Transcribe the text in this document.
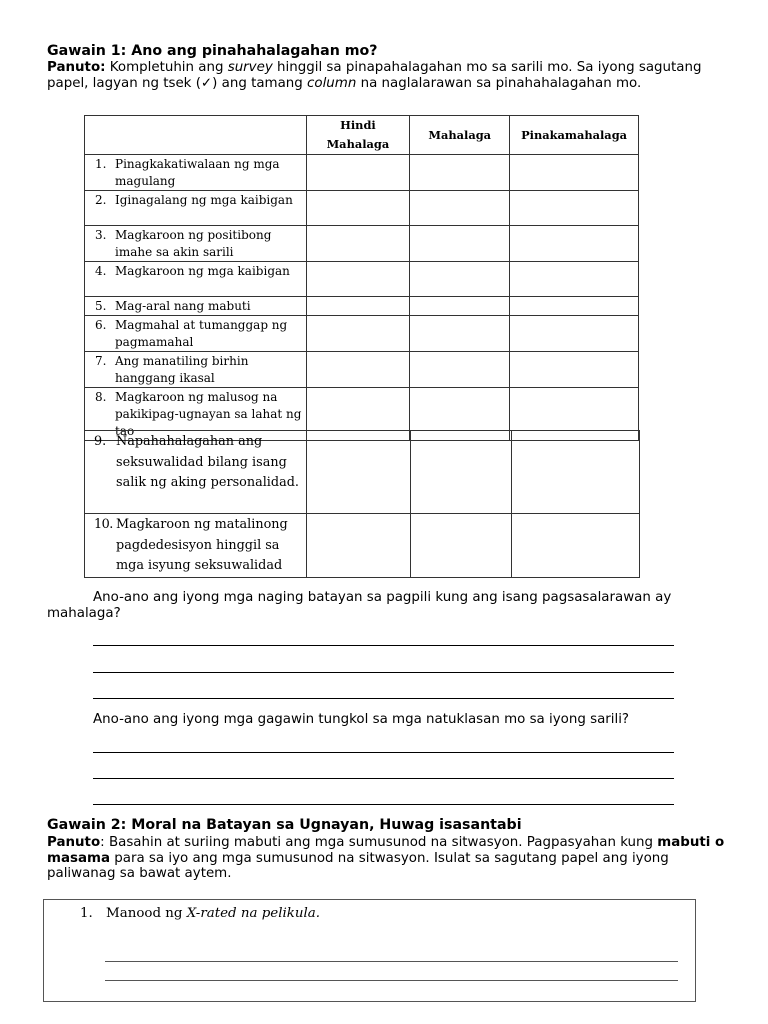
Gawain 1: Ano ang pinahahalagahan mo?
Panuto: Kompletuhin ang survey hinggil sa pinapahalagahan mo sa sarili mo. Sa iyong sagutang papel, lagyan ng tsek (✓) ang tamang column na naglalarawan sa pinahahalagahan mo.

	Hindi Mahalaga	Mahalaga	Pinakamahalaga

1. Pinagkakatiwalaan ng mga magulang			

2. Iginagalang ng mga kaibigan			

3. Magkaroon ng positibong imahe sa akin sarili			

4. Magkaroon ng mga kaibigan			

5. Mag-aral nang mabuti			

6. Magmahal at tumanggap ng pagmamahal			

7. Ang manatiling birhin hanggang ikasal			

8. Magkaroon ng malusog na pakikipag-ugnayan sa lahat ng tao			

9. Napahahalagahan ang seksuwalidad bilang isang salik ng aking personalidad.			

10. Magkaroon ng matalinong pagdedesisyon hinggil sa mga isyung seksuwalidad			

Ano-ano ang iyong mga naging batayan sa pagpili kung ang isang pagsasalarawan ay mahalaga?
Ano-ano ang iyong mga gagawin tungkol sa mga natuklasan mo sa iyong sarili?
Gawain 2: Moral na Batayan sa Ugnayan, Huwag isasantabi
Panuto: Basahin at suriing mabuti ang mga sumusunod na sitwasyon. Pagpasyahan kung mabuti o masama para sa iyo ang mga sumusunod na sitwasyon. Isulat sa sagutang papel ang iyong paliwanag sa bawat aytem.
1. Manood ng X-rated na pelikula.
